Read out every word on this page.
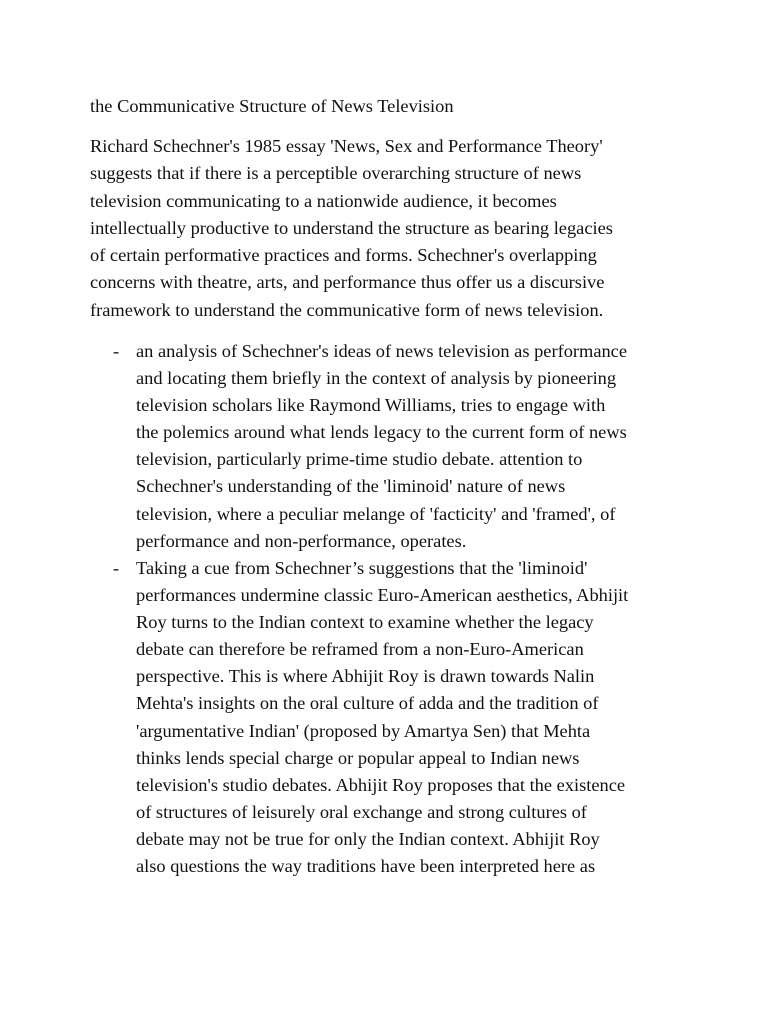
the Communicative Structure of News Television

Richard Schechner's 1985 essay 'News, Sex and Performance Theory'
suggests that if there is a perceptible overarching structure of news
television communicating to a nationwide audience, it becomes
intellectually productive to understand the structure as bearing legacies
of certain performative practices and forms. Schechner's overlapping
concerns with theatre, arts, and performance thus offer us a discursive
framework to understand the communicative form of news television.

- an analysis of Schechner's ideas of news television as performance
and locating them briefly in the context of analysis by pioneering
television scholars like Raymond Williams, tries to engage with
the polemics around what lends legacy to the current form of news
television, particularly prime-time studio debate. attention to
Schechner's understanding of the 'liminoid' nature of news
television, where a peculiar melange of 'facticity' and 'framed', of
performance and non-performance, operates.
- Taking a cue from Schechner’s suggestions that the 'liminoid'
performances undermine classic Euro-American aesthetics, Abhijit
Roy turns to the Indian context to examine whether the legacy
debate can therefore be reframed from a non-Euro-American
perspective. This is where Abhijit Roy is drawn towards Nalin
Mehta's insights on the oral culture of adda and the tradition of
'argumentative Indian' (proposed by Amartya Sen) that Mehta
thinks lends special charge or popular appeal to Indian news
television's studio debates. Abhijit Roy proposes that the existence
of structures of leisurely oral exchange and strong cultures of
debate may not be true for only the Indian context. Abhijit Roy
also questions the way traditions have been interpreted here as
